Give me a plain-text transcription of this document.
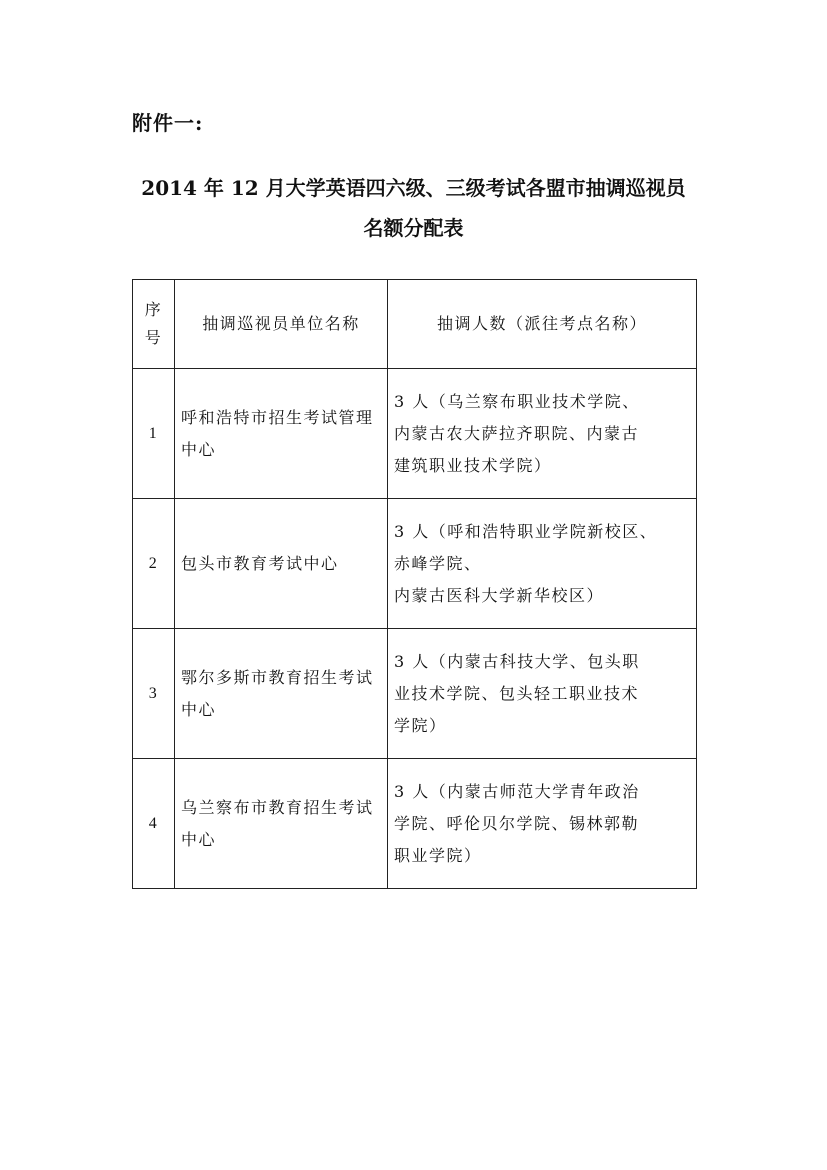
附件一:
2014 年 12 月大学英语四六级、三级考试各盟市抽调巡视员
名额分配表
序
号	抽调巡视员单位名称	抽调人数（派往考点名称）
1	呼和浩特市招生考试管理中心	3 人（乌兰察布职业技术学院、
内蒙古农大萨拉齐职院、内蒙古
建筑职业技术学院）

2	包头市教育考试中心	3 人（呼和浩特职业学院新校区、
赤峰学院、
内蒙古医科大学新华校区）

3	鄂尔多斯市教育招生考试中心	3 人（内蒙古科技大学、包头职
业技术学院、包头轻工职业技术
学院）

4	乌兰察布市教育招生考试中心	3 人（内蒙古师范大学青年政治
学院、呼伦贝尔学院、锡林郭勒
职业学院）
